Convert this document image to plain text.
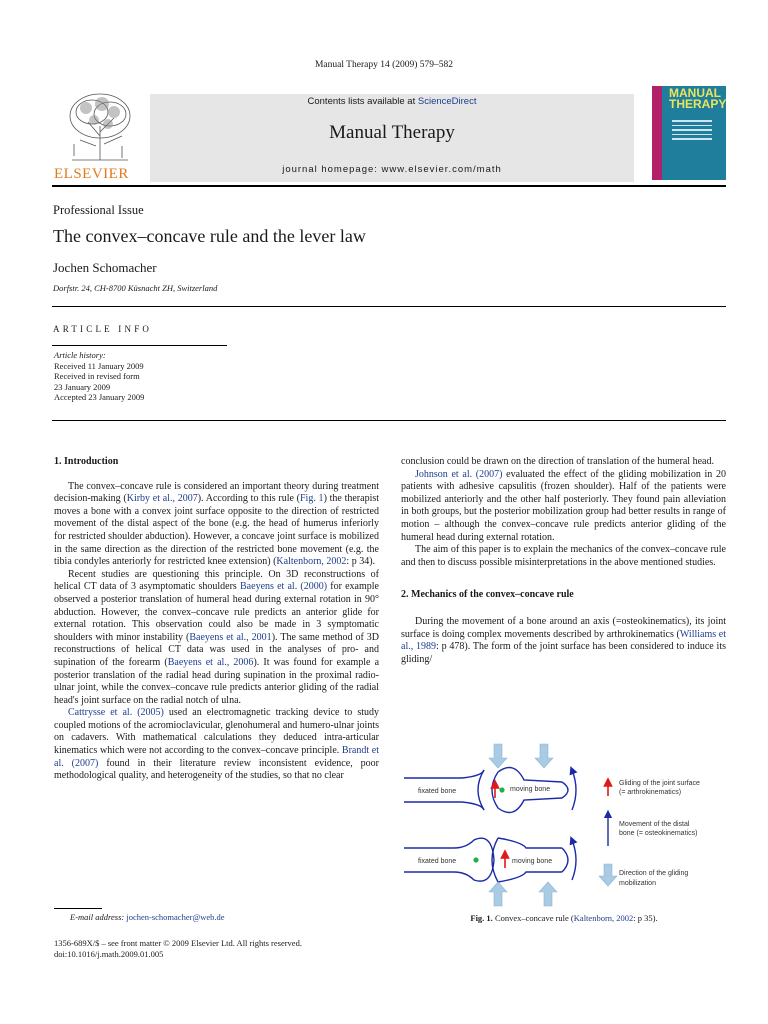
Manual Therapy 14 (2009) 579–582
ELSEVIER
Contents lists available at ScienceDirect
Manual Therapy
journal homepage: www.elsevier.com/math
MANUAL
THERAPY
Professional Issue
The convex–concave rule and the lever law
Jochen Schomacher
Dorfstr. 24, CH-8700 Küsnacht ZH, Switzerland
ARTICLE INFO
Article history:
Received 11 January 2009
Received in revised form
23 January 2009
Accepted 23 January 2009
1. Introduction

The convex–concave rule is considered an important theory during treatment decision-making (Kirby et al., 2007). According to this rule (Fig. 1) the therapist moves a bone with a convex joint surface opposite to the direction of restricted movement of the distal aspect of the bone (e.g. the head of humerus inferiorly for restricted shoulder abduction). However, a concave joint surface is mobilized in the same direction as the direction of the restricted bone movement (e.g. the tibia condyles anteriorly for restricted knee extension) (Kaltenborn, 2002: p 34).

Recent studies are questioning this principle. On 3D reconstructions of helical CT data of 3 asymptomatic shoulders Baeyens et al. (2000) for example observed a posterior translation of humeral head during external rotation in 90° abduction. However, the convex–concave rule predicts an anterior glide for external rotation. This observation could also be made in 3 symptomatic shoulders with minor instability (Baeyens et al., 2001). The same method of 3D reconstructions of helical CT data was used in the analyses of pro- and supination of the forearm (Baeyens et al., 2006). It was found for example a posterior translation of the radial head during supination in the proximal radio-ulnar joint, while the convex–concave rule predicts anterior gliding of the radial head's joint surface on the radial notch of ulna.

Cattrysse et al. (2005) used an electromagnetic tracking device to study coupled motions of the acromioclavicular, glenohumeral and humero-ulnar joints on cadavers. With mathematical calculations they deduced intra-articular kinematics which were not according to the convex–concave principle. Brandt et al. (2007) found in their literature review inconsistent evidence, poor methodological quality, and heterogeneity of the studies, so that no clear

conclusion could be drawn on the direction of translation of the humeral head.

Johnson et al. (2007) evaluated the effect of the gliding mobilization in 20 patients with adhesive capsulitis (frozen shoulder). Half of the patients were mobilized anteriorly and the other half posteriorly. They found pain alleviation in both groups, but the posterior mobilization group had better results in range of motion – although the convex–concave rule predicts anterior gliding of the humeral head during external rotation.

The aim of this paper is to explain the mechanics of the convex–concave rule and then to discuss possible misinterpretations in the above mentioned studies.

2. Mechanics of the convex–concave rule

During the movement of a bone around an axis (=osteokinematics), its joint surface is doing complex movements described by arthrokinematics (Williams et al., 1989: p 478). The form of the joint surface has been considered to induce its gliding/

fixated bone	moving bone
fixated bone	moving bone
Gliding of the joint surface
(= arthrokinematics)
Movement of the distal
bone (= osteokinematics)
Direction of the gliding
mobilization
Fig. 1. Convex–concave rule (Kaltenborn, 2002: p 35).
E-mail address: jochen-schomacher@web.de
1356-689X/$ – see front matter © 2009 Elsevier Ltd. All rights reserved.
doi:10.1016/j.math.2009.01.005
